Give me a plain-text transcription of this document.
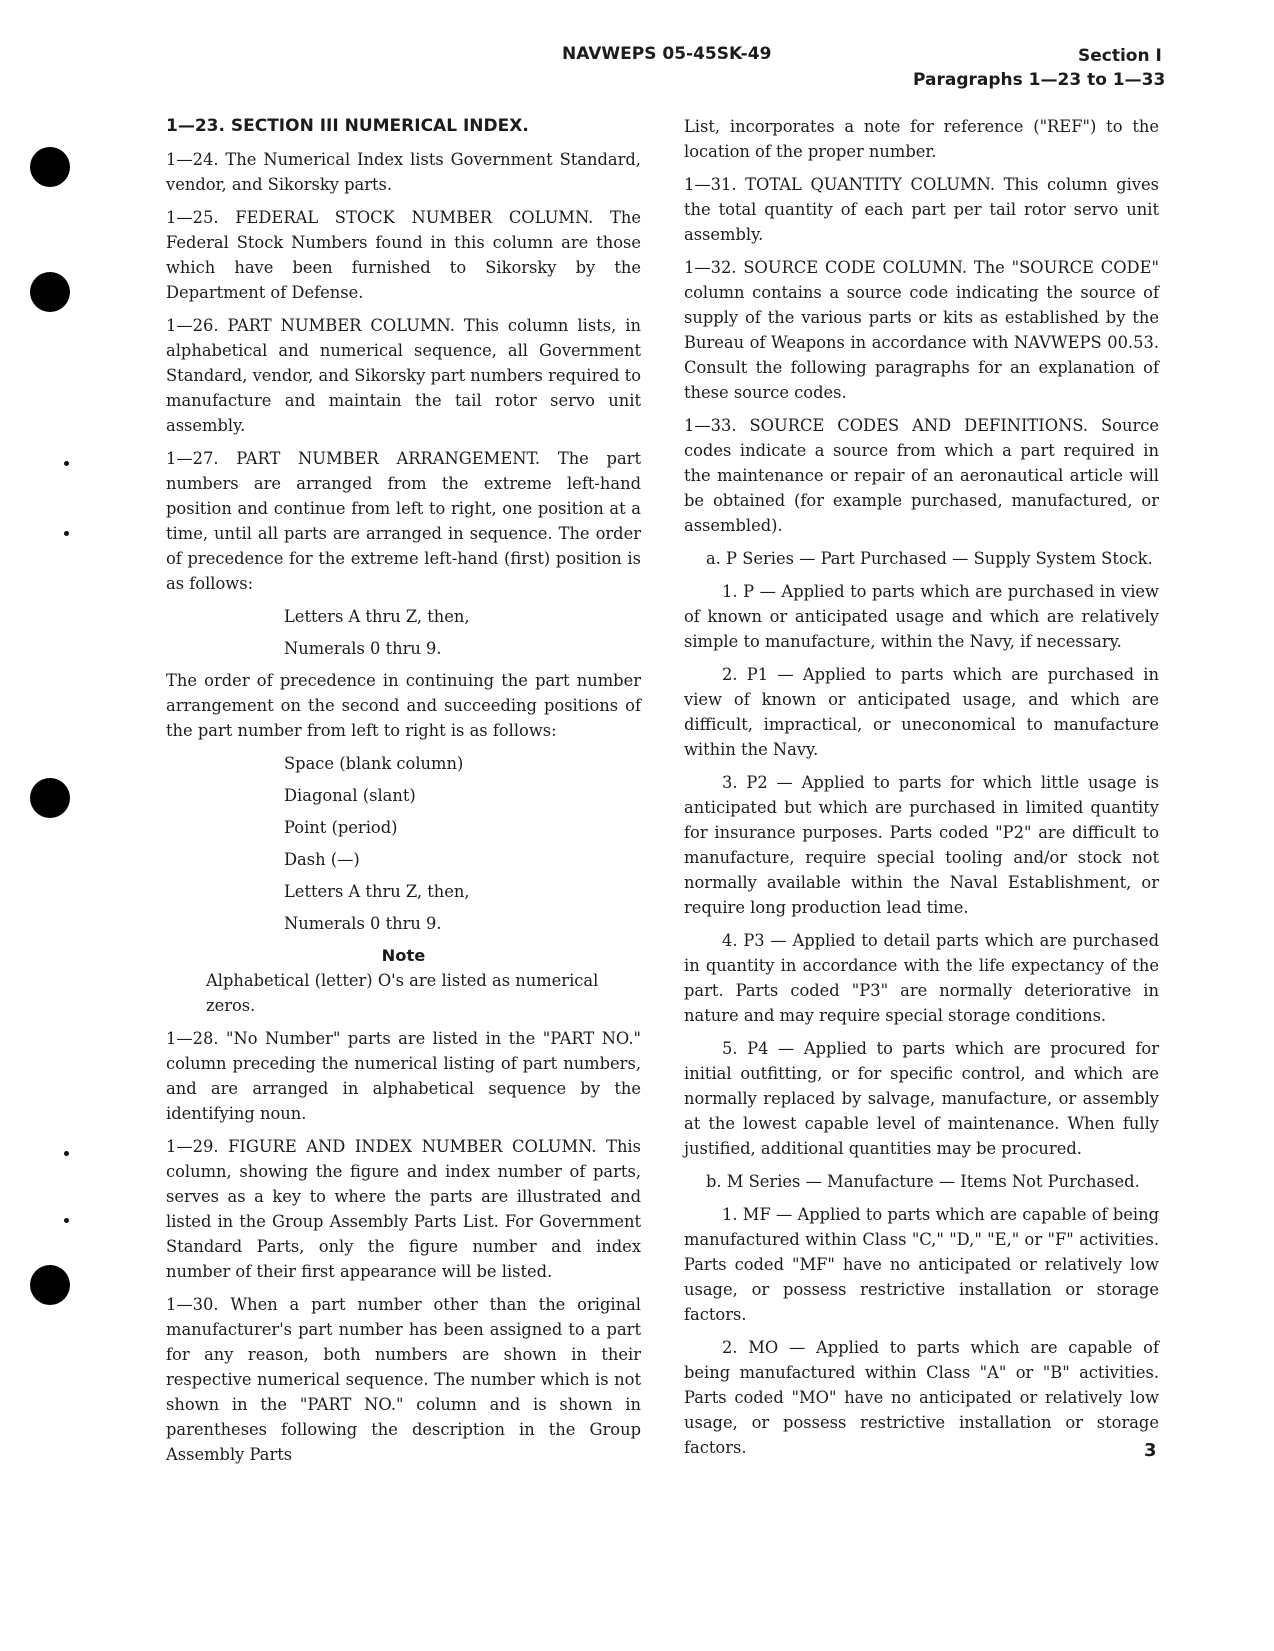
NAVWEPS 05-45SK-49	Section I
Paragraphs 1—23 to 1—33
1—23. SECTION III NUMERICAL INDEX.

1—24. The Numerical Index lists Government Standard, vendor, and Sikorsky parts.

1—25. FEDERAL STOCK NUMBER COLUMN. The Federal Stock Numbers found in this column are those which have been furnished to Sikorsky by the Department of Defense.

1—26. PART NUMBER COLUMN. This column lists, in alphabetical and numerical sequence, all Government Standard, vendor, and Sikorsky part numbers required to manufacture and maintain the tail rotor servo unit assembly.

1—27. PART NUMBER ARRANGEMENT. The part numbers are arranged from the extreme left-hand position and continue from left to right, one position at a time, until all parts are arranged in sequence. The order of precedence for the extreme left-hand (first) position is as follows:

Letters A thru Z, then,
Numerals 0 thru 9.

The order of precedence in continuing the part number arrangement on the second and succeeding positions of the part number from left to right is as follows:

Space (blank column)
Diagonal (slant)
Point (period)
Dash (—)
Letters A thru Z, then,
Numerals 0 thru 9.
Note
Alphabetical (letter) O's are listed as numerical zeros.

1—28. "No Number" parts are listed in the "PART NO." column preceding the numerical listing of part numbers, and are arranged in alphabetical sequence by the identifying noun.

1—29. FIGURE AND INDEX NUMBER COLUMN. This column, showing the figure and index number of parts, serves as a key to where the parts are illustrated and listed in the Group Assembly Parts List. For Government Standard Parts, only the figure number and index number of their first appearance will be listed.

1—30. When a part number other than the original manufacturer's part number has been assigned to a part for any reason, both numbers are shown in their respective numerical sequence. The number which is not shown in the "PART NO." column and is shown in parentheses following the description in the Group Assembly Parts

List, incorporates a note for reference ("REF") to the location of the proper number.

1—31. TOTAL QUANTITY COLUMN. This column gives the total quantity of each part per tail rotor servo unit assembly.

1—32. SOURCE CODE COLUMN. The "SOURCE CODE" column contains a source code indicating the source of supply of the various parts or kits as established by the Bureau of Weapons in accordance with NAVWEPS 00.53. Consult the following paragraphs for an explanation of these source codes.

1—33. SOURCE CODES AND DEFINITIONS. Source codes indicate a source from which a part required in the maintenance or repair of an aeronautical article will be obtained (for example purchased, manufactured, or assembled).

a. P Series — Part Purchased — Supply System Stock.

1. P — Applied to parts which are purchased in view of known or anticipated usage and which are relatively simple to manufacture, within the Navy, if necessary.

2. P1 — Applied to parts which are purchased in view of known or anticipated usage, and which are difficult, impractical, or uneconomical to manufacture within the Navy.

3. P2 — Applied to parts for which little usage is anticipated but which are purchased in limited quantity for insurance purposes. Parts coded "P2" are difficult to manufacture, require special tooling and/or stock not normally available within the Naval Establishment, or require long production lead time.

4. P3 — Applied to detail parts which are purchased in quantity in accordance with the life expectancy of the part. Parts coded "P3" are normally deteriorative in nature and may require special storage conditions.

5. P4 — Applied to parts which are procured for initial outfitting, or for specific control, and which are normally replaced by salvage, manufacture, or assembly at the lowest capable level of maintenance. When fully justified, additional quantities may be procured.

b. M Series — Manufacture — Items Not Purchased.

1. MF — Applied to parts which are capable of being manufactured within Class "C," "D," "E," or "F" activities. Parts coded "MF" have no anticipated or relatively low usage, or possess restrictive installation or storage factors.

2. MO — Applied to parts which are capable of being manufactured within Class "A" or "B" activities. Parts coded "MO" have no anticipated or relatively low usage, or possess restrictive installation or storage factors.	3
